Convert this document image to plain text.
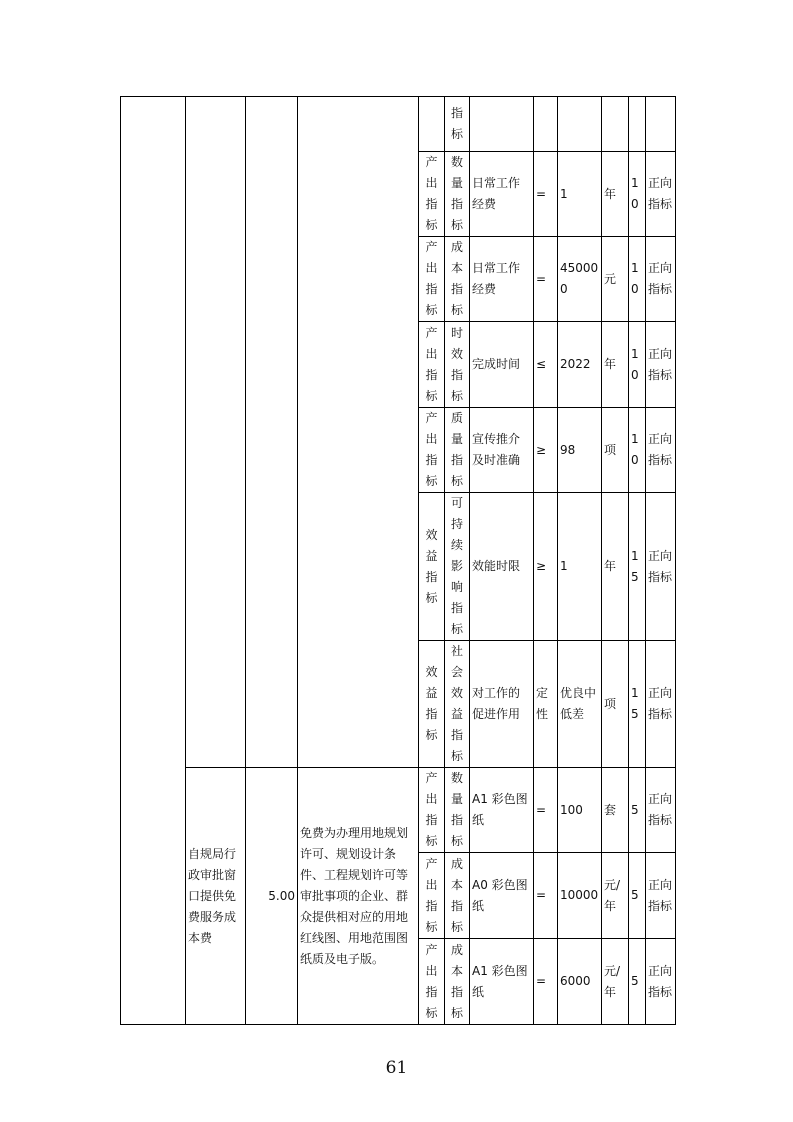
					指标						

				产出指标	数量指标	日常工作经费	=	1	年	10	正向指标

				产出指标	成本指标	日常工作经费	=	450000	元	10	正向指标

				产出指标	时效指标	完成时间	≤	2022	年	10	正向指标

				产出指标	质量指标	宣传推介及时准确	≥	98	项	10	正向指标

				效益指标	可持续影响指标	效能时限	≥	1	年	15	正向指标

				效益指标	社会效益指标	对工作的促进作用	定性	优良中低差	项	15	正向指标
	自规局行政审批窗口提供免费服务成本费	5.00	免费为办理用地规划许可、规划设计条件、工程规划许可等审批事项的企业、群众提供相对应的用地红线图、用地范围图纸质及电子版。	产出指标	数量指标	A1 彩色图纸	=	100	套	5	正向指标

				产出指标	成本指标	A0 彩色图纸	=	10000	元/年	5	正向指标

				产出指标	成本指标	A1 彩色图纸	=	6000	元/年	5	正向指标
61
